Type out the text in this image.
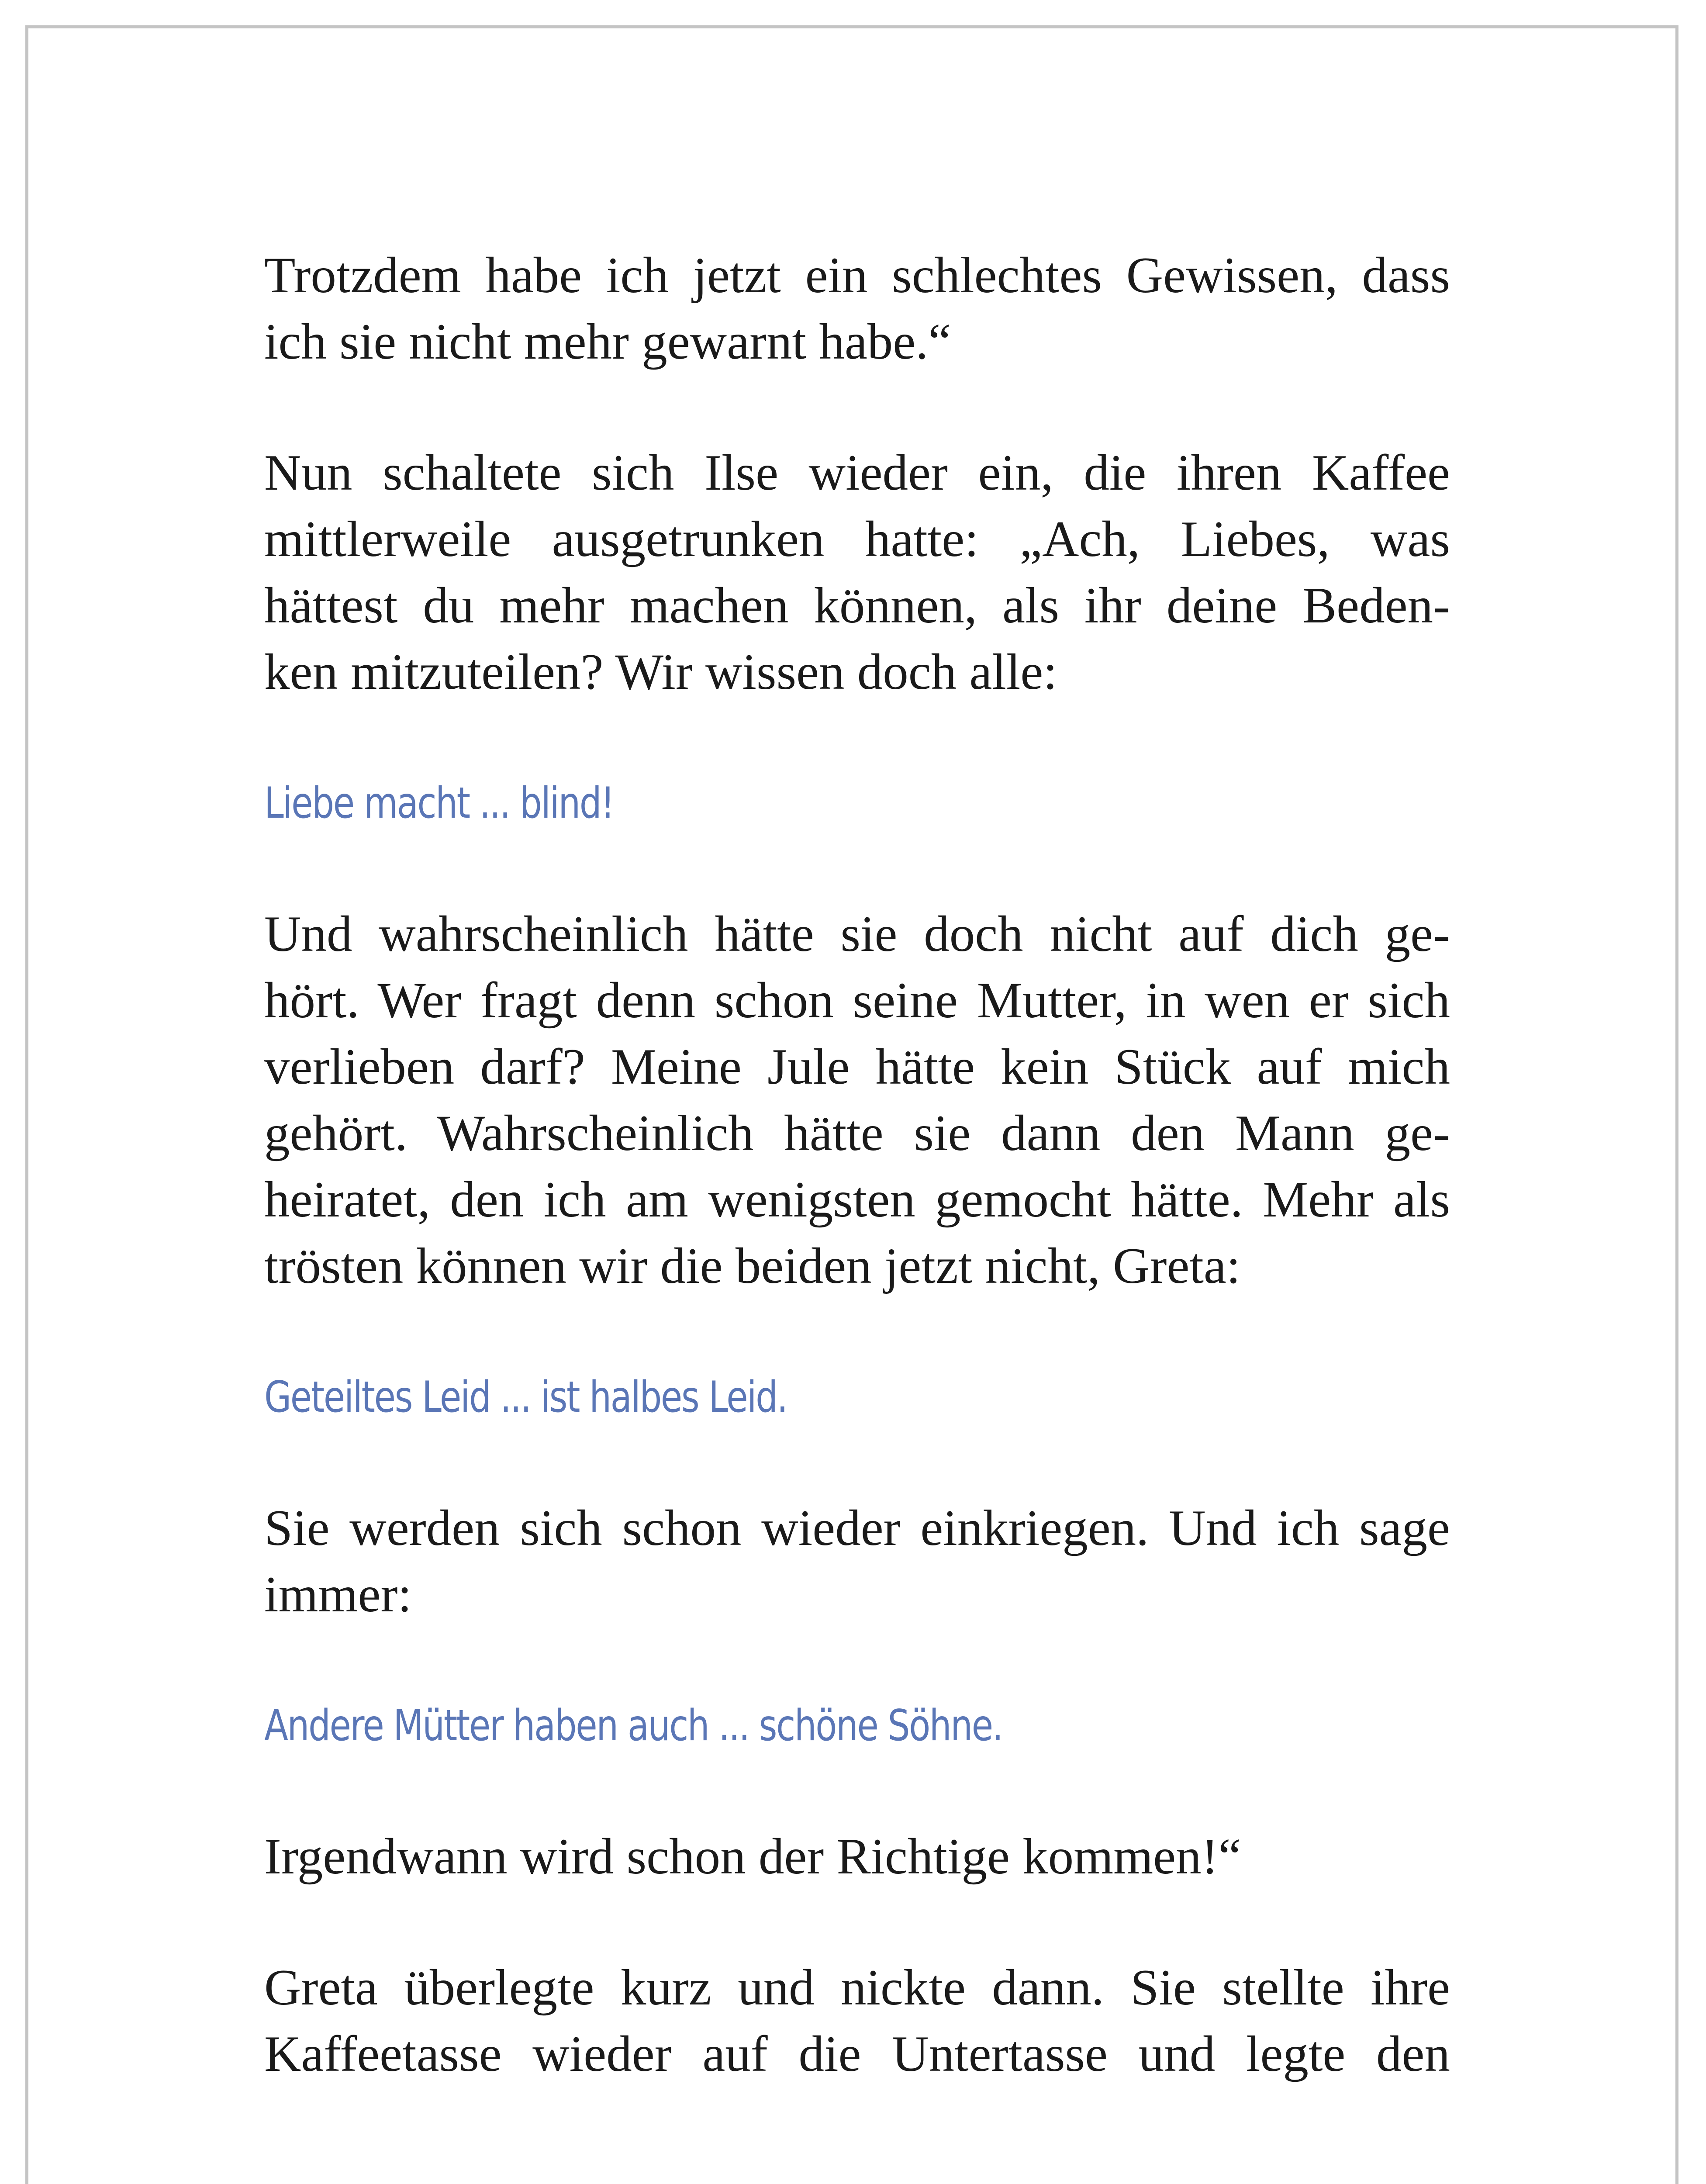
Trotzdem habe ich jetzt ein schlechtes Gewissen, dass
ich sie nicht mehr gewarnt habe.“

Nun schaltete sich Ilse wieder ein, die ihren Kaffee
mittlerweile ausgetrunken hatte: „Ach, Liebes, was
hättest du mehr machen können, als ihr deine Beden-
ken mitzuteilen? Wir wissen doch alle:

Liebe macht ... blind!

Und wahrscheinlich hätte sie doch nicht auf dich ge-
hört. Wer fragt denn schon seine Mutter, in wen er sich
verlieben darf? Meine Jule hätte kein Stück auf mich
gehört. Wahrscheinlich hätte sie dann den Mann ge-
heiratet, den ich am wenigsten gemocht hätte. Mehr als
trösten können wir die beiden jetzt nicht, Greta:

Geteiltes Leid ... ist halbes Leid.

Sie werden sich schon wieder einkriegen. Und ich sage
immer:

Andere Mütter haben auch ... schöne Söhne.

Irgendwann wird schon der Richtige kommen!“

Greta überlegte kurz und nickte dann. Sie stellte ihre
Kaffeetasse wieder auf die Untertasse und legte den
